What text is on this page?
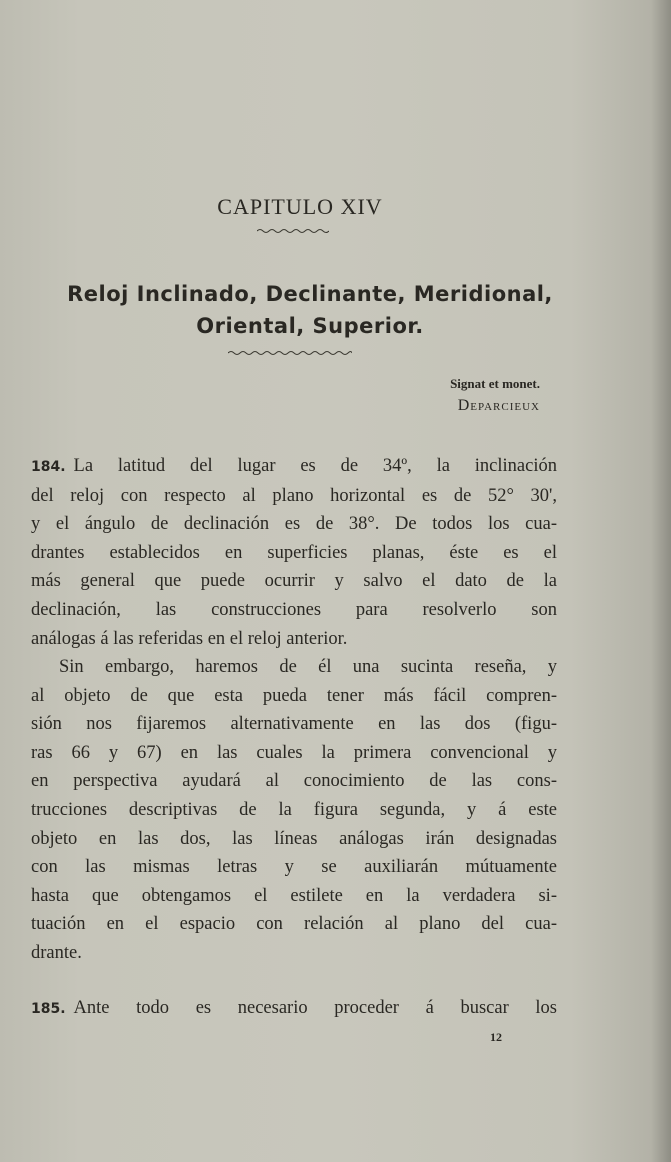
CAPITULO XIV
Reloj Inclinado, Declinante, Meridional,
Oriental, Superior.
Signat et monet.
Deparcieux
184. La latitud del lugar es de 34º, la inclinación
del reloj con respecto al plano horizontal es de 52° 30',
y el ángulo de declinación es de 38°. De todos los cua-
drantes establecidos en superficies planas, éste es el
más general que puede ocurrir y salvo el dato de la
declinación, las construcciones para resolverlo son
análogas á las referidas en el reloj anterior.
Sin embargo, haremos de él una sucinta reseña, y
al objeto de que esta pueda tener más fácil compren-
sión nos fijaremos alternativamente en las dos (figu-
ras 66 y 67) en las cuales la primera convencional y
en perspectiva ayudará al conocimiento de las cons-
trucciones descriptivas de la figura segunda, y á este
objeto en las dos, las líneas análogas irán designadas
con las mismas letras y se auxiliarán mútuamente
hasta que obtengamos el estilete en la verdadera si-
tuación en el espacio con relación al plano del cua-
drante.
185. Ante todo es necesario proceder á buscar los
12
